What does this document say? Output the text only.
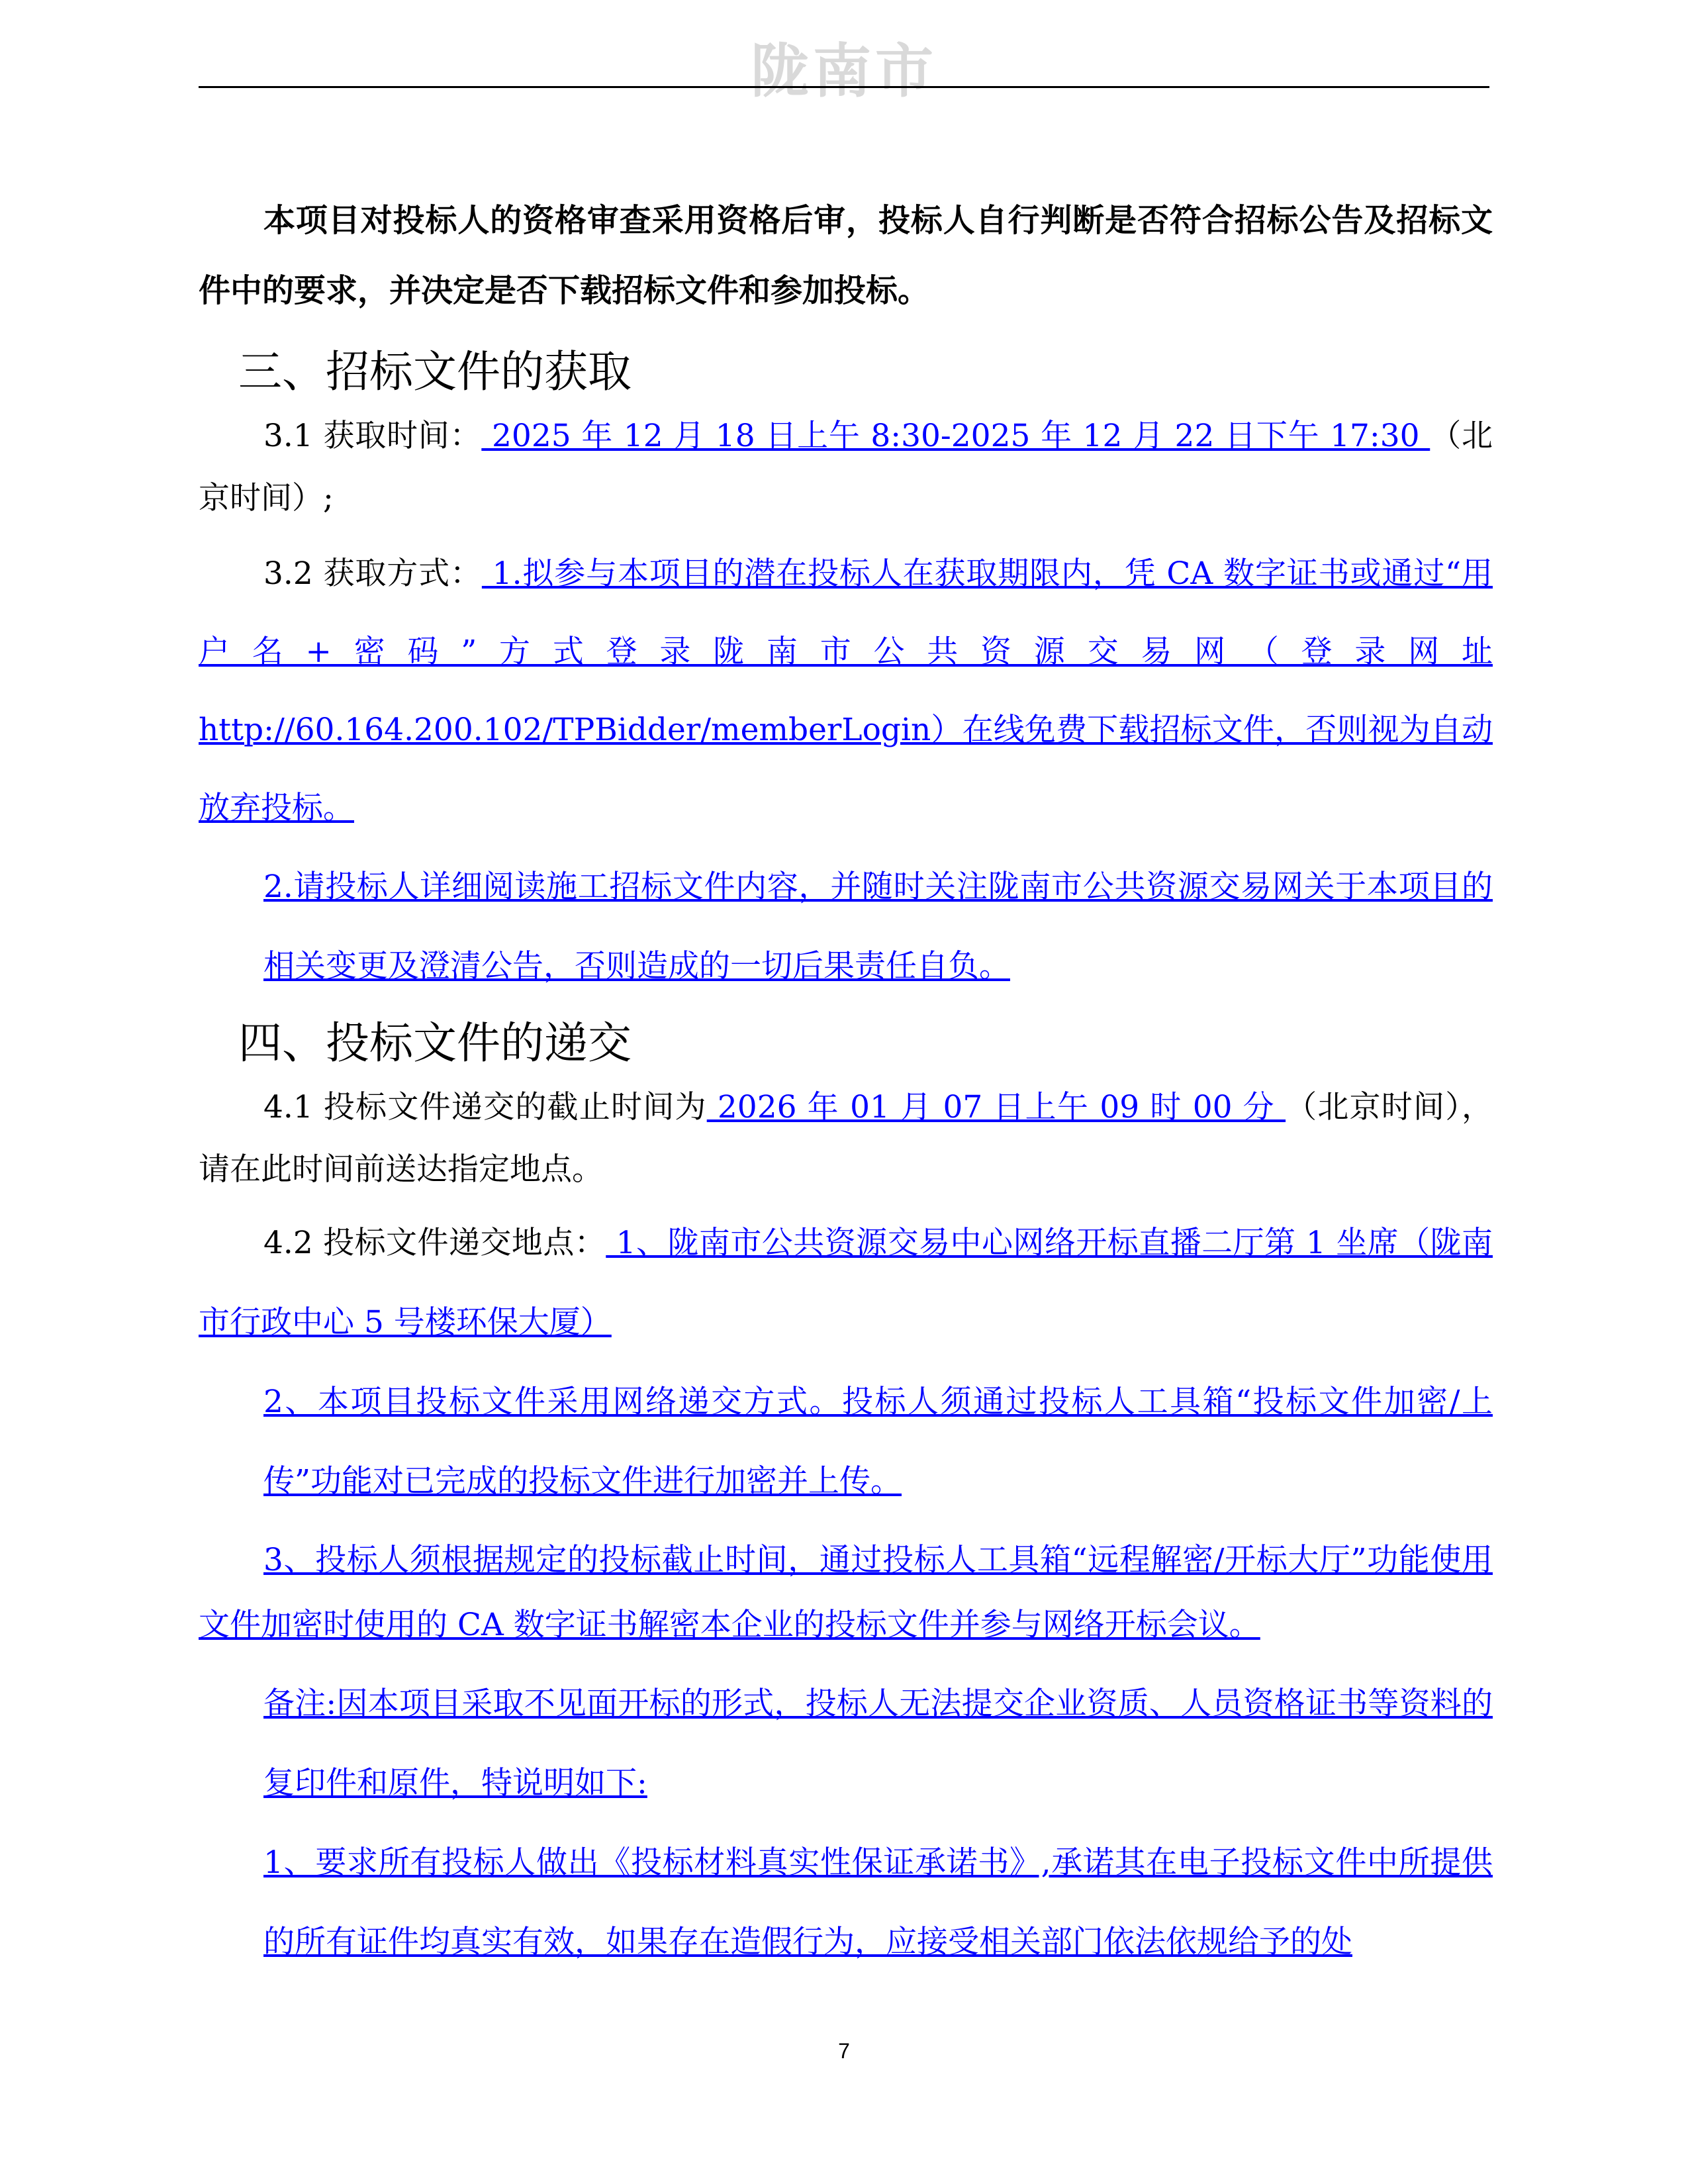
陇南市

本项目对投标人的资格审查采用资格后审，投标人自行判断是否符合招标公告及招标文件中的要求，并决定是否下载招标文件和参加投标。

三、招标文件的获取

3.1 获取时间： 2025 年 12 月 18 日上午 8:30-2025 年 12 月 22 日下午 17:30 （北京时间）;

3.2 获取方式： 1.拟参与本项目的潜在投标人在获取期限内，凭 CA 数字证书或通过“用户名+密码”方式登录陇南市公共资源交易网（登录网址 http://60.164.200.102/TPBidder/memberLogin）在线免费下载招标文件，否则视为自动放弃投标。

2.请投标人详细阅读施工招标文件内容，并随时关注陇南市公共资源交易网关于本项目的相关变更及澄清公告，否则造成的一切后果责任自负。

四、投标文件的递交

4.1 投标文件递交的截止时间为 2026 年 01 月 07 日上午 09 时 00 分 （北京时间），请在此时间前送达指定地点。

4.2 投标文件递交地点： 1、陇南市公共资源交易中心网络开标直播二厅第 1 坐席（陇南市行政中心 5 号楼环保大厦）

2、本项目投标文件采用网络递交方式。投标人须通过投标人工具箱“投标文件加密/上传”功能对已完成的投标文件进行加密并上传。

3、投标人须根据规定的投标截止时间，通过投标人工具箱“远程解密/开标大厅”功能使用文件加密时使用的 CA 数字证书解密本企业的投标文件并参与网络开标会议。

备注:因本项目采取不见面开标的形式，投标人无法提交企业资质、人员资格证书等资料的复印件和原件，特说明如下:

1、要求所有投标人做出《投标材料真实性保证承诺书》,承诺其在电子投标文件中所提供的所有证件均真实有效，如果存在造假行为，应接受相关部门依法依规给予的处

7
